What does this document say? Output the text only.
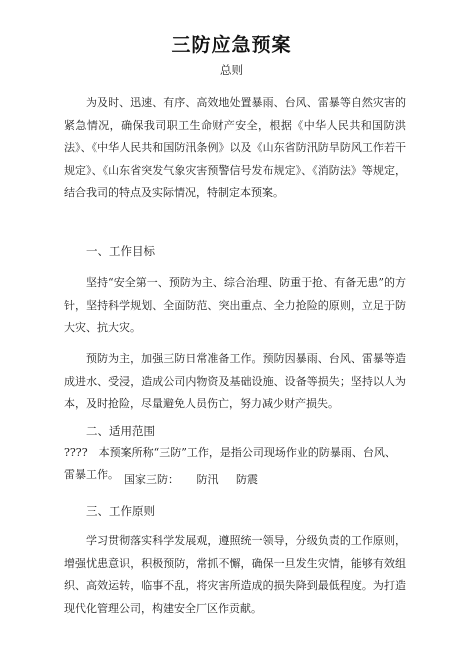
三防应急预案
总则

为及时、迅速、有序、高效地处置暴雨、台风、雷暴等自然灾害的紧急情况，确保我司职工生命财产安全，根据《中华人民共和国防洪法》、《中华人民共和国防汛条例》以及《山东省防汛防旱防风工作若干规定》、《山东省突发气象灾害预警信号发布规定》、《消防法》等规定，结合我司的特点及实际情况，特制定本预案。

一、工作目标

坚持“安全第一、预防为主、综合治理、防重于抢、有备无患”的方针，坚持科学规划、全面防范、突出重点、全力抢险的原则，立足于防大灾、抗大灾。

预防为主，加强三防日常准备工作。预防因暴雨、台风、雷暴等造成进水、受浸，造成公司内物资及基础设施、设备等损失；坚持以人为本，及时抢险，尽量避免人员伤亡，努力减少财产损失。

二、适用范围

????　本预案所称“三防”工作，是指公司现场作业的防暴雨、台风、雷暴工作。 国家三防： 防汛 防震

三、工作原则

学习贯彻落实科学发展观，遵照统一领导，分级负责的工作原则，增强忧患意识，积极预防，常抓不懈，确保一旦发生灾情，能够有效组织、高效运转，临事不乱，将灾害所造成的损失降到最低程度。为打造现代化管理公司，构建安全厂区作贡献。
